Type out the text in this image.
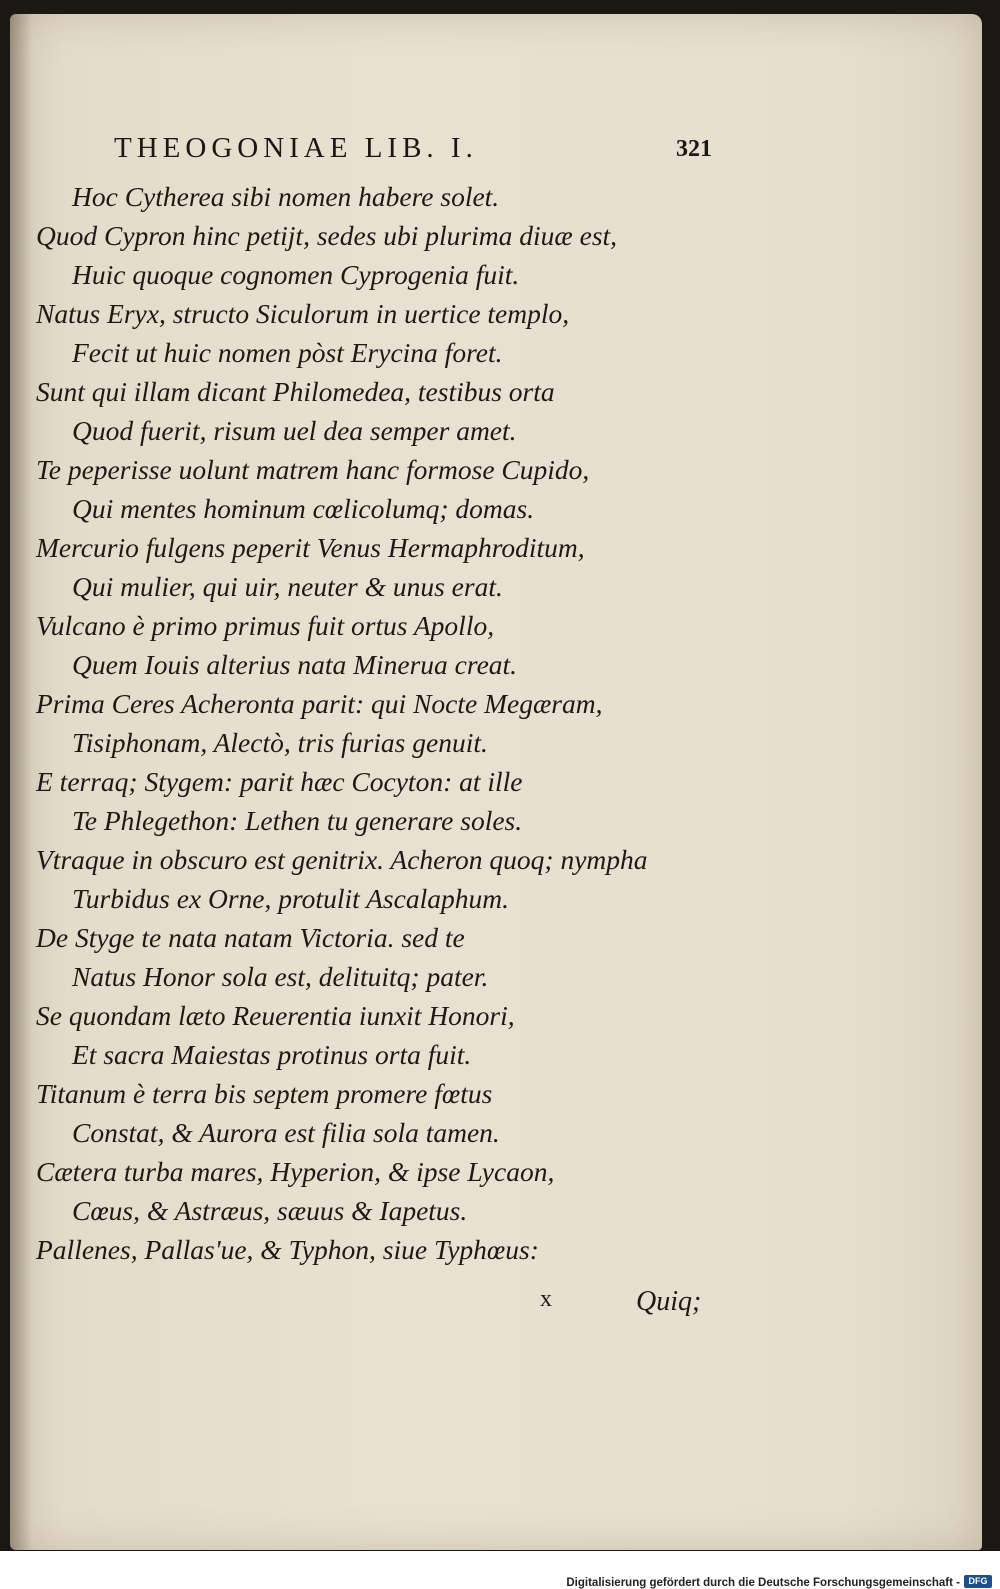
THEOGONIAE LIB. I.	321

Hoc Cytherea sibi nomen habere solet.

Quod Cypron hinc petijt, sedes ubi plurima diuæ est,

Huic quoque cognomen Cyprogenia fuit.

Natus Eryx, structo Siculorum in uertice templo,

Fecit ut huic nomen pòst Erycina foret.

Sunt qui illam dicant Philomedea, testibus orta

Quod fuerit, risum uel dea semper amet.

Te peperisse uolunt matrem hanc formose Cupido,

Qui mentes hominum cœlicolumq; domas.

Mercurio fulgens peperit Venus Hermaphroditum,

Qui mulier, qui uir, neuter & unus erat.

Vulcano è primo primus fuit ortus Apollo,

Quem Iouis alterius nata Minerua creat.

Prima Ceres Acheronta parit: qui Nocte Megæram,

Tisiphonam, Alectò, tris furias genuit.

E terraq; Stygem: parit hæc Cocyton: at ille

Te Phlegethon: Lethen tu generare soles.

Vtraque in obscuro est genitrix. Acheron quoq; nympha

Turbidus ex Orne, protulit Ascalaphum.

De Styge te nata natam Victoria. sed te

Natus Honor sola est, delituitq; pater.

Se quondam læto Reuerentia iunxit Honori,

Et sacra Maiestas protinus orta fuit.

Titanum è terra bis septem promere fœtus

Constat, & Aurora est filia sola tamen.

Cætera turba mares, Hyperion, & ipse Lycaon,

Cœus, & Astræus, sæuus & Iapetus.

Pallenes, Pallas'ue, & Typhon, siue Typhœus:

x	Quiq;
Digitalisierung gefördert durch die Deutsche Forschungsgemeinschaft - DFG
